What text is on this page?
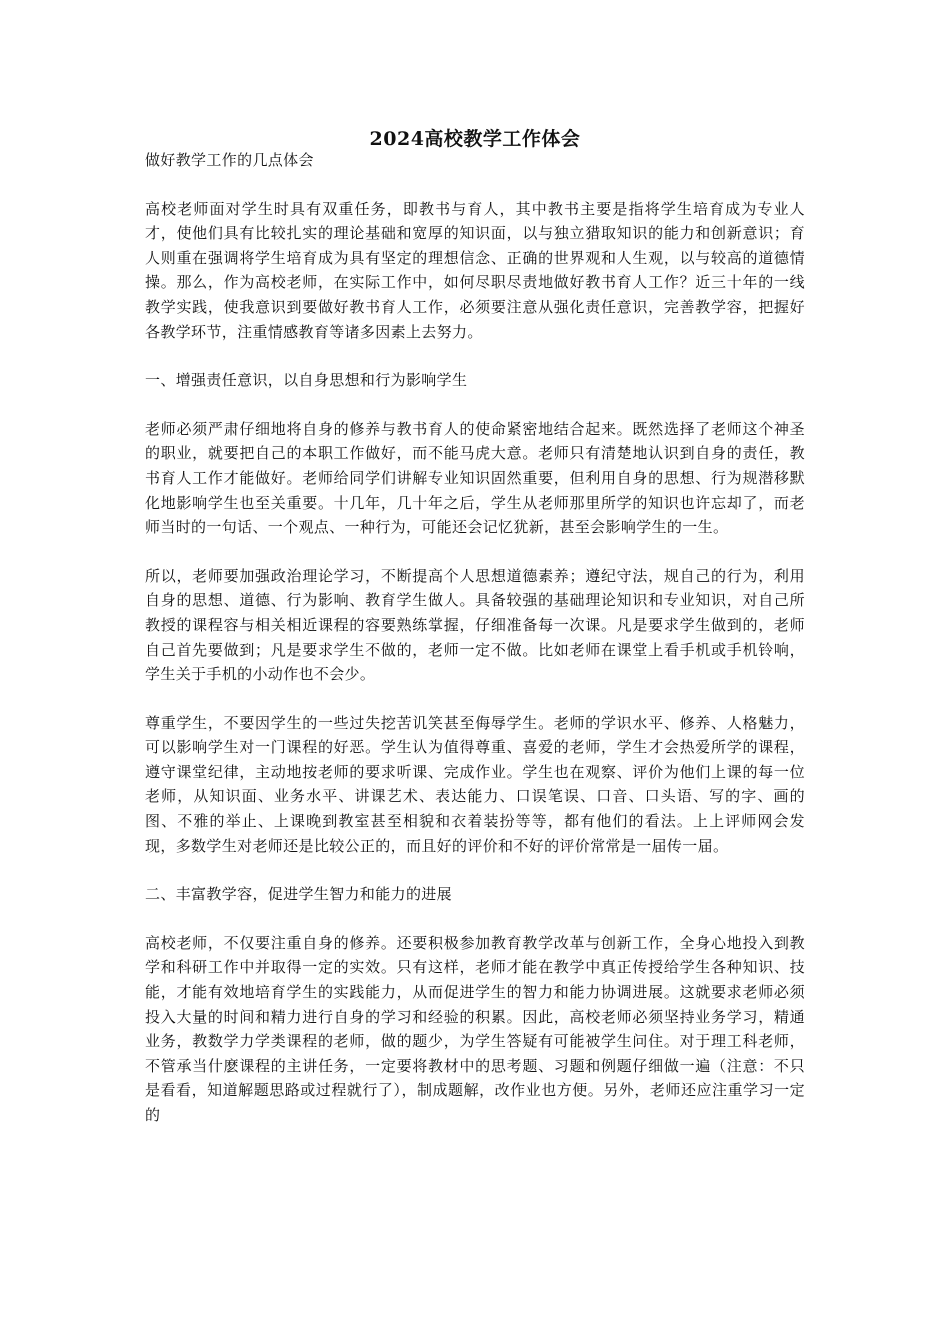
2024高校教学工作体会

做好教学工作的几点体会

高校老师面对学生时具有双重任务，即教书与育人，其中教书主要是指将学生培育成为专业人才，使他们具有比较扎实的理论基础和宽厚的知识面，以与独立猎取知识的能力和创新意识；育人则重在强调将学生培育成为具有坚定的理想信念、正确的世界观和人生观，以与较高的道德情操。那么，作为高校老师，在实际工作中，如何尽职尽责地做好教书育人工作？近三十年的一线教学实践，使我意识到要做好教书育人工作，必须要注意从强化责任意识，完善教学容，把握好各教学环节，注重情感教育等诸多因素上去努力。

一、增强责任意识，以自身思想和行为影响学生

老师必须严肃仔细地将自身的修养与教书育人的使命紧密地结合起来。既然选择了老师这个神圣的职业，就要把自己的本职工作做好，而不能马虎大意。老师只有清楚地认识到自身的责任，教书育人工作才能做好。老师给同学们讲解专业知识固然重要，但利用自身的思想、行为规潜移默化地影响学生也至关重要。十几年，几十年之后，学生从老师那里所学的知识也许忘却了，而老师当时的一句话、一个观点、一种行为，可能还会记忆犹新，甚至会影响学生的一生。

所以，老师要加强政治理论学习，不断提高个人思想道德素养；遵纪守法，规自己的行为，利用自身的思想、道德、行为影响、教育学生做人。具备较强的基础理论知识和专业知识，对自己所教授的课程容与相关相近课程的容要熟练掌握，仔细准备每一次课。凡是要求学生做到的，老师自己首先要做到；凡是要求学生不做的，老师一定不做。比如老师在课堂上看手机或手机铃响，学生关于手机的小动作也不会少。

尊重学生，不要因学生的一些过失挖苦讥笑甚至侮辱学生。老师的学识水平、修养、人格魅力，可以影响学生对一门课程的好恶。学生认为值得尊重、喜爱的老师，学生才会热爱所学的课程，遵守课堂纪律，主动地按老师的要求听课、完成作业。学生也在观察、评价为他们上课的每一位老师，从知识面、业务水平、讲课艺术、表达能力、口误笔误、口音、口头语、写的字、画的图、不雅的举止、上课晚到教室甚至相貌和衣着装扮等等，都有他们的看法。上上评师网会发现，多数学生对老师还是比较公正的，而且好的评价和不好的评价常常是一届传一届。

二、丰富教学容，促进学生智力和能力的进展

高校老师，不仅要注重自身的修养。还要积极参加教育教学改革与创新工作，全身心地投入到教学和科研工作中并取得一定的实效。只有这样，老师才能在教学中真正传授给学生各种知识、技能，才能有效地培育学生的实践能力，从而促进学生的智力和能力协调进展。这就要求老师必须投入大量的时间和精力进行自身的学习和经验的积累。因此，高校老师必须坚持业务学习，精通业务，教数学力学类课程的老师，做的题少，为学生答疑有可能被学生问住。对于理工科老师，不管承当什麽课程的主讲任务，一定要将教材中的思考题、习题和例题仔细做一遍（注意：不只是看看，知道解题思路或过程就行了），制成题解，改作业也方便。另外，老师还应注重学习一定的
